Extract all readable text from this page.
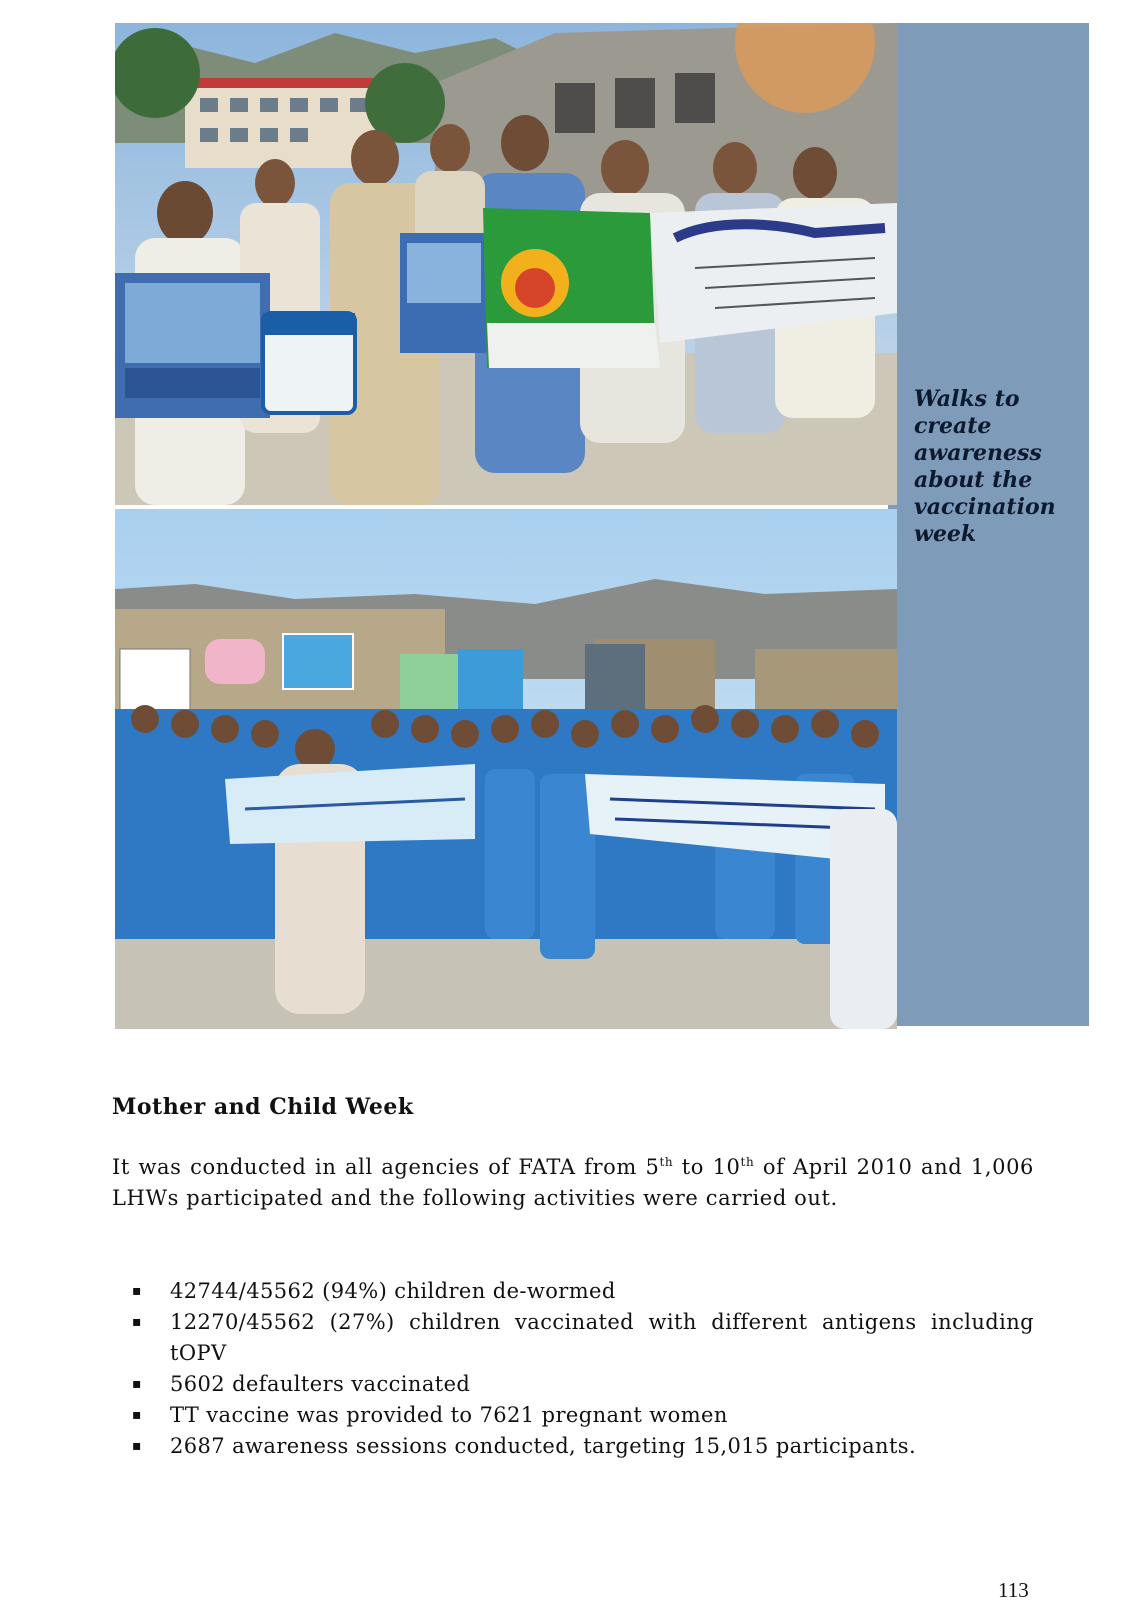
Walks to create awareness about the vaccination week
Mother and Child Week
It was conducted in all agencies of FATA from 5th to 10th of April 2010 and 1,006 LHWs participated and the following activities were carried out.
▪ 42744/45562 (94%) children de-wormed
▪ 12270/45562 (27%) children vaccinated with different antigens including tOPV
▪ 5602 defaulters vaccinated
▪ TT vaccine was provided to 7621 pregnant women
▪ 2687 awareness sessions conducted, targeting 15,015 participants.
113
